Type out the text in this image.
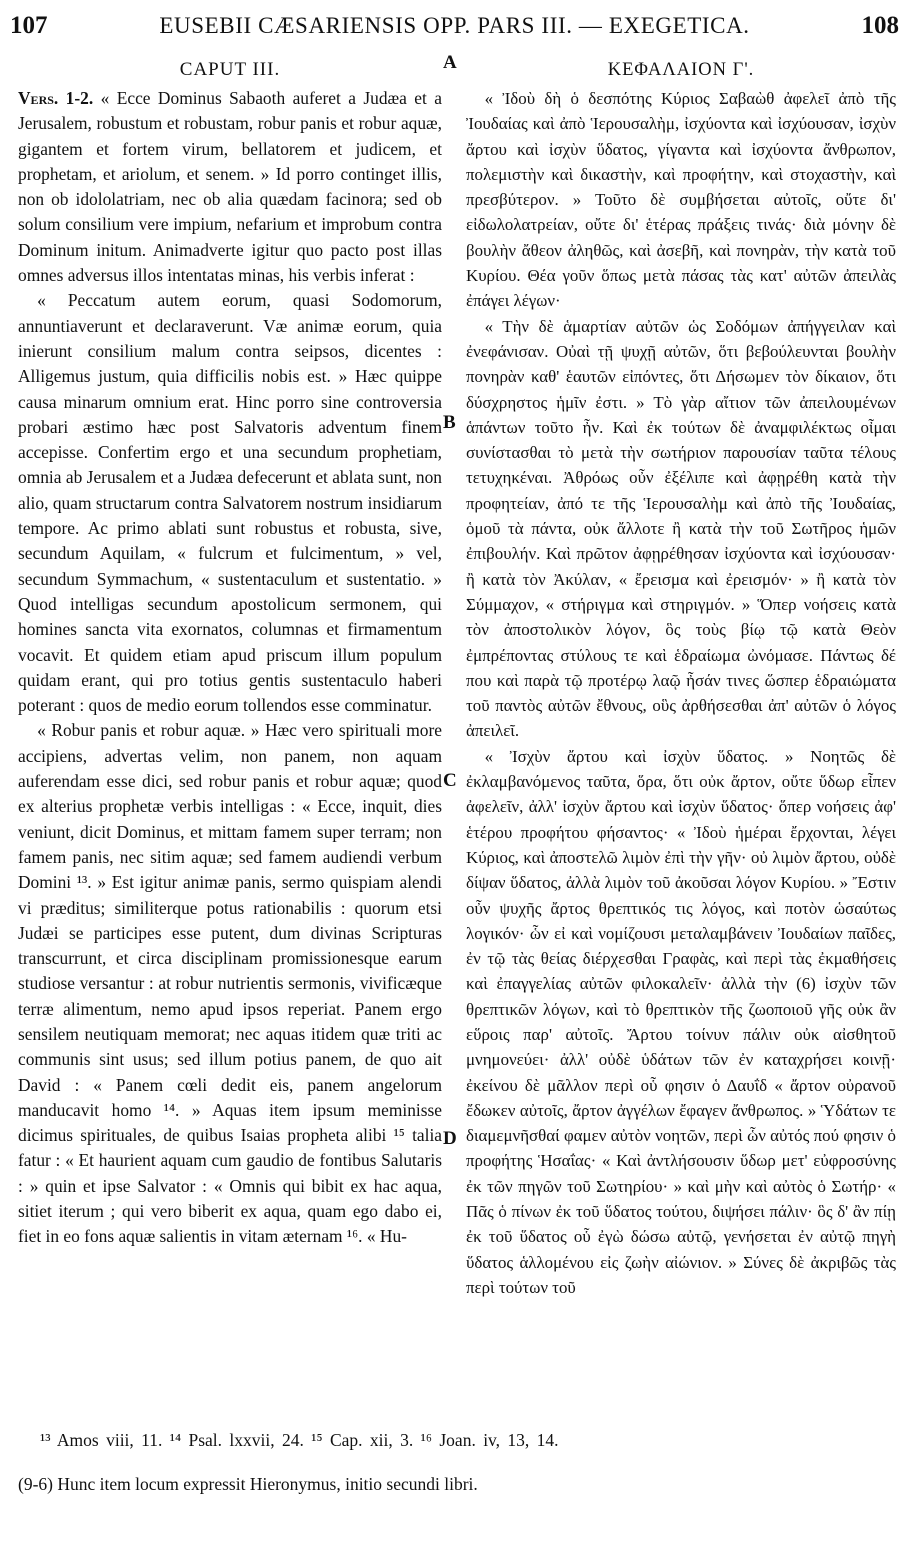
107	EUSEBII CÆSARIENSIS OPP. PARS III. — EXEGETICA.	108
CAPUT III.

Vers. 1-2. « Ecce Dominus Sabaoth auferet a Judæa et a Jerusalem, robustum et robustam, robur panis et robur aquæ, gigantem et fortem virum, bellatorem et judicem, et prophetam, et ariolum, et senem. » Id porro continget illis, non ob idololatriam, nec ob alia quædam facinora; sed ob solum consilium vere impium, nefarium et improbum contra Dominum initum. Animadverte igitur quo pacto post illas omnes adversus illos intentatas minas, his verbis inferat :

« Peccatum autem eorum, quasi Sodomorum, annuntiaverunt et declaraverunt. Væ animæ eorum, quia inierunt consilium malum contra seipsos, dicentes : Alligemus justum, quia difficilis nobis est. » Hæc quippe causa minarum omnium erat. Hinc porro sine controversia probari æstimo hæc post Salvatoris adventum finem accepisse. Confertim ergo et una secundum prophetiam, omnia ab Jerusalem et a Judæa defecerunt et ablata sunt, non alio, quam structarum contra Salvatorem nostrum insidiarum tempore. Ac primo ablati sunt robustus et robusta, sive, secundum Aquilam, « fulcrum et fulcimentum, » vel, secundum Symmachum, « sustentaculum et sustentatio. » Quod intelligas secundum apostolicum sermonem, qui homines sancta vita exornatos, columnas et firmamentum vocavit. Et quidem etiam apud priscum illum populum quidam erant, qui pro totius gentis sustentaculo haberi poterant : quos de medio eorum tollendos esse comminatur.

« Robur panis et robur aquæ. » Hæc vero spirituali more accipiens, advertas velim, non panem, non aquam auferendam esse dici, sed robur panis et robur aquæ; quod ex alterius prophetæ verbis intelligas : « Ecce, inquit, dies veniunt, dicit Dominus, et mittam famem super terram; non famem panis, nec sitim aquæ; sed famem audiendi verbum Domini ¹³. » Est igitur animæ panis, sermo quispiam alendi vi præditus; similiterque potus rationabilis : quorum etsi Judæi se participes esse putent, dum divinas Scripturas transcurrunt, et circa disciplinam promissionesque earum studiose versantur : at robur nutrientis sermonis, vivificæque terræ alimentum, nemo apud ipsos reperiat. Panem ergo sensilem neutiquam memorat; nec aquas itidem quæ triti ac communis sint usus; sed illum potius panem, de quo ait David : « Panem cœli dedit eis, panem angelorum manducavit homo ¹⁴. » Aquas item ipsum meminisse dicimus spirituales, de quibus Isaias propheta alibi ¹⁵ talia fatur : « Et haurient aquam cum gaudio de fontibus Salutaris : » quin et ipse Salvator : « Omnis qui bibit ex hac aqua, sitiet iterum ; qui vero biberit ex aqua, quam ego dabo ei, fiet in eo fons aquæ salientis in vitam æternam ¹⁶. « Hu-

A
B
C
D
ΚΕΦΑΛΑΙΟΝ Γ'.

« Ἰδοὺ δὴ ὁ δεσπότης Κύριος Σαβαὼθ ἀφελεῖ ἀπὸ τῆς Ἰουδαίας καὶ ἀπὸ Ἱερουσαλὴμ, ἰσχύοντα καὶ ἰσχύουσαν, ἰσχὺν ἄρτου καὶ ἰσχὺν ὕδατος, γίγαντα καὶ ἰσχύοντα ἄνθρωπον, πολεμιστὴν καὶ δικαστὴν, καὶ προφήτην, καὶ στοχαστὴν, καὶ πρεσβύτερον. » Τοῦτο δὲ συμβήσεται αὐτοῖς, οὔτε δι' εἰδωλολατρείαν, οὔτε δι' ἑτέρας πράξεις τινάς· διὰ μόνην δὲ βουλὴν ἄθεον ἀληθῶς, καὶ ἀσεβῆ, καὶ πονηρὰν, τὴν κατὰ τοῦ Κυρίου. Θέα γοῦν ὅπως μετὰ πάσας τὰς κατ' αὐτῶν ἀπειλὰς ἐπάγει λέγων·

« Τὴν δὲ ἁμαρτίαν αὐτῶν ὡς Σοδόμων ἀπήγγειλαν καὶ ἐνεφάνισαν. Οὐαὶ τῇ ψυχῇ αὐτῶν, ὅτι βεβούλευνται βουλὴν πονηρὰν καθ' ἑαυτῶν εἰπόντες, ὅτι Δήσωμεν τὸν δίκαιον, ὅτι δύσχρηστος ἡμῖν ἐστι. » Τὸ γὰρ αἴτιον τῶν ἀπειλουμένων ἁπάντων τοῦτο ἦν. Καὶ ἐκ τούτων δὲ ἀναμφιλέκτως οἶμαι συνίστασθαι τὸ μετὰ τὴν σωτήριον παρουσίαν ταῦτα τέλους τετυχηκέναι. Ἀθρόως οὖν ἐξέλιπε καὶ ἀφῃρέθη κατὰ τὴν προφητείαν, ἀπό τε τῆς Ἱερουσαλὴμ καὶ ἀπὸ τῆς Ἰουδαίας, ὁμοῦ τὰ πάντα, οὐκ ἄλλοτε ἢ κατὰ τὴν τοῦ Σωτῆρος ἡμῶν ἐπιβουλήν. Καὶ πρῶτον ἀφῃρέθησαν ἰσχύοντα καὶ ἰσχύουσαν· ἢ κατὰ τὸν Ἀκύλαν, « ἔρεισμα καὶ ἐρεισμόν· » ἢ κατὰ τὸν Σύμμαχον, « στήριγμα καὶ στηριγμόν. » Ὅπερ νοήσεις κατὰ τὸν ἀποστολικὸν λόγον, ὃς τοὺς βίῳ τῷ κατὰ Θεὸν ἐμπρέποντας στύλους τε καὶ ἑδραίωμα ὠνόμασε. Πάντως δέ που καὶ παρὰ τῷ προτέρῳ λαῷ ἦσάν τινες ὥσπερ ἑδραιώματα τοῦ παντὸς αὐτῶν ἔθνους, οὓς ἀρθήσεσθαι ἀπ' αὐτῶν ὁ λόγος ἀπειλεῖ.

« Ἰσχὺν ἄρτου καὶ ἰσχὺν ὕδατος. » Νοητῶς δὲ ἐκλαμβανόμενος ταῦτα, ὅρα, ὅτι οὐκ ἄρτον, οὔτε ὕδωρ εἶπεν ἀφελεῖν, ἀλλ' ἰσχὺν ἄρτου καὶ ἰσχὺν ὕδατος· ὅπερ νοήσεις ἀφ' ἑτέρου προφήτου φήσαντος· « Ἰδοὺ ἡμέραι ἔρχονται, λέγει Κύριος, καὶ ἀποστελῶ λιμὸν ἐπὶ τὴν γῆν· οὐ λιμὸν ἄρτου, οὐδὲ δίψαν ὕδατος, ἀλλὰ λιμὸν τοῦ ἀκοῦσαι λόγον Κυρίου. » Ἔστιν οὖν ψυχῆς ἄρτος θρεπτικός τις λόγος, καὶ ποτὸν ὡσαύτως λογικόν· ὧν εἰ καὶ νομίζουσι μεταλαμβάνειν Ἰουδαίων παῖδες, ἐν τῷ τὰς θείας διέρχεσθαι Γραφὰς, καὶ περὶ τὰς ἐκμαθήσεις καὶ ἐπαγγελίας αὐτῶν φιλοκαλεῖν· ἀλλὰ τὴν (6) ἰσχὺν τῶν θρεπτικῶν λόγων, καὶ τὸ θρεπτικὸν τῆς ζωοποιοῦ γῆς οὐκ ἂν εὕροις παρ' αὐτοῖς. Ἄρτου τοίνυν πάλιν οὐκ αἰσθητοῦ μνημονεύει· ἀλλ' οὐδὲ ὑδάτων τῶν ἐν καταχρήσει κοινῇ· ἐκείνου δὲ μᾶλλον περὶ οὗ φησιν ὁ Δαυΐδ « ἄρτον οὐρανοῦ ἔδωκεν αὐτοῖς, ἄρτον ἀγγέλων ἔφαγεν ἄνθρωπος. » Ὑδάτων τε διαμεμνῆσθαί φαμεν αὐτὸν νοητῶν, περὶ ὧν αὐτός πού φησιν ὁ προφήτης Ἡσαΐας· « Καὶ ἀντλήσουσιν ὕδωρ μετ' εὐφροσύνης ἐκ τῶν πηγῶν τοῦ Σωτηρίου· » καὶ μὴν καὶ αὐτὸς ὁ Σωτήρ· « Πᾶς ὁ πίνων ἐκ τοῦ ὕδατος τούτου, διψήσει πάλιν· ὃς δ' ἂν πίῃ ἐκ τοῦ ὕδατος οὗ ἐγὼ δώσω αὐτῷ, γενήσεται ἐν αὐτῷ πηγὴ ὕδατος ἁλλομένου εἰς ζωὴν αἰώνιον. » Σύνες δὲ ἀκριβῶς τὰς περὶ τούτων τοῦ

¹³ Amos viii, 11. ¹⁴ Psal. lxxvii, 24. ¹⁵ Cap. xii, 3. ¹⁶ Joan. iv, 13, 14.
(9-6) Hunc item locum expressit Hieronymus, initio secundi libri.
